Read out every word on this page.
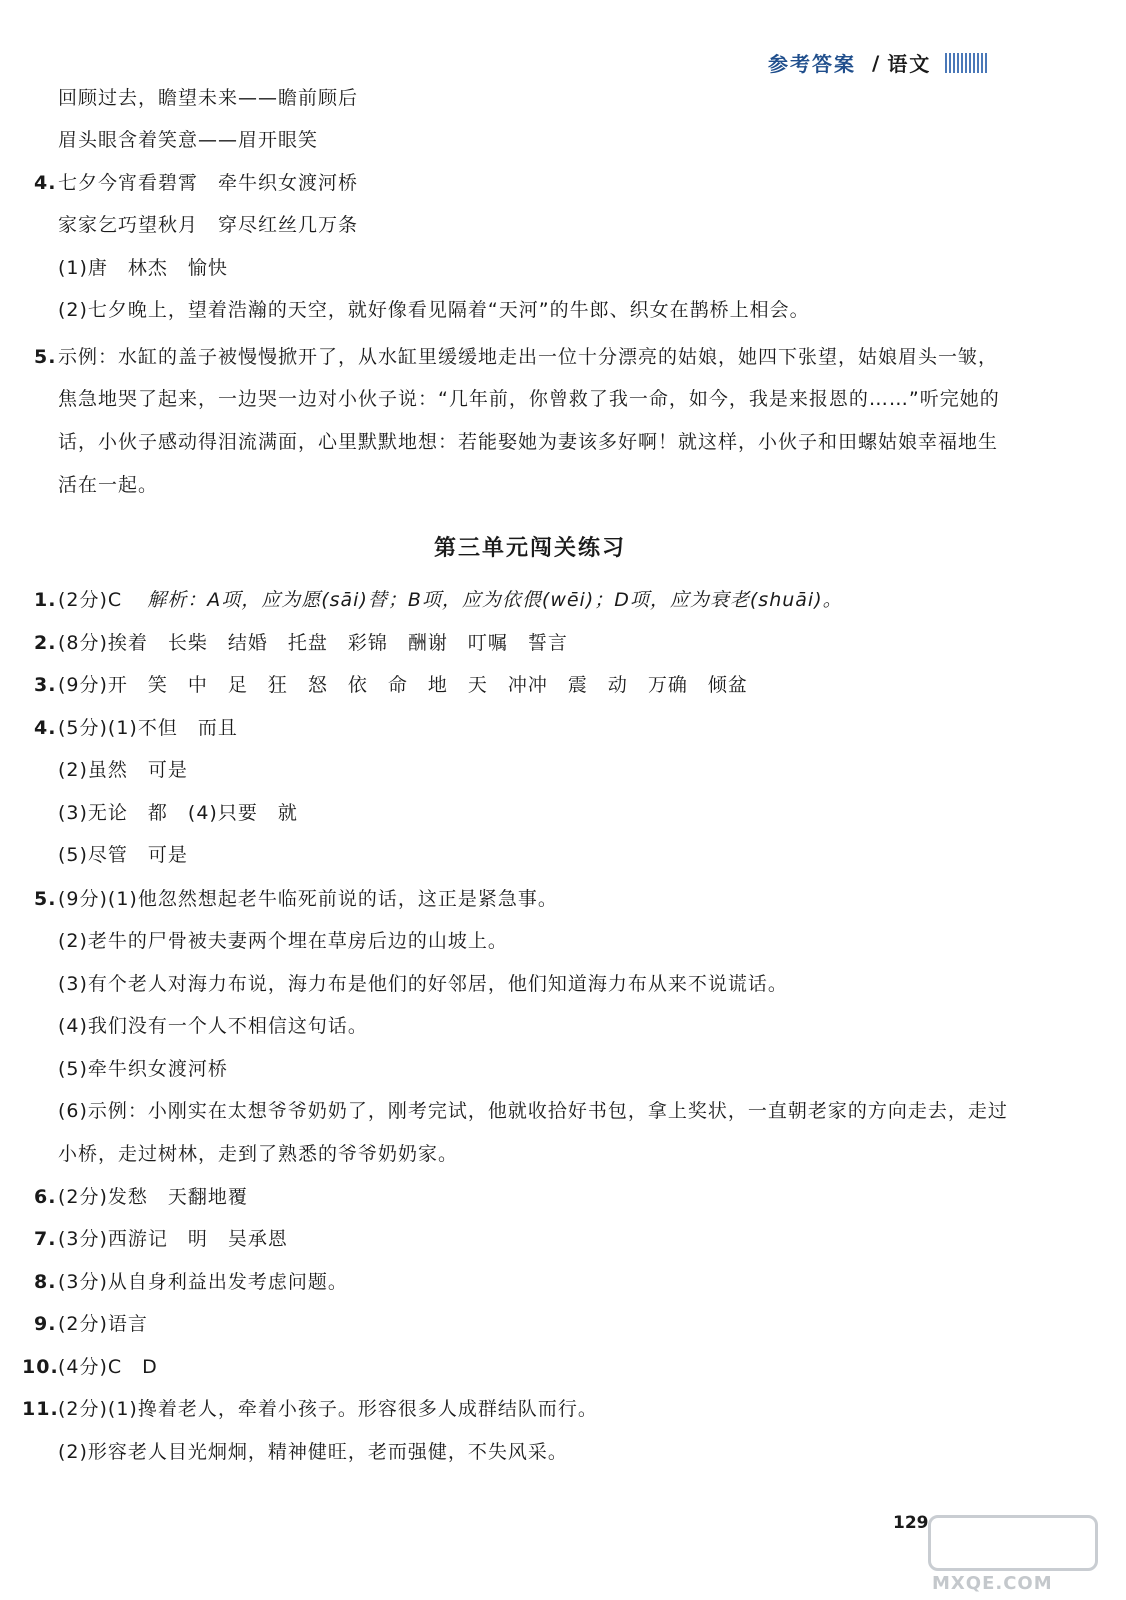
参考答案 / 语文
回顾过去，瞻望未来——瞻前顾后
眉头眼含着笑意——眉开眼笑
4. 七夕今宵看碧霄　牵牛织女渡河桥
家家乞巧望秋月　穿尽红丝几万条
(1)唐　林杰　愉快
(2)七夕晚上，望着浩瀚的天空，就好像看见隔着“天河”的牛郎、织女在鹊桥上相会。
5. 示例：水缸的盖子被慢慢掀开了，从水缸里缓缓地走出一位十分漂亮的姑娘，她四下张望，姑娘眉头一皱，
焦急地哭了起来，一边哭一边对小伙子说：“几年前，你曾救了我一命，如今，我是来报恩的……”听完她的
话，小伙子感动得泪流满面，心里默默地想：若能娶她为妻该多好啊！就这样，小伙子和田螺姑娘幸福地生
活在一起。
第三单元闯关练习
1. (2分)C 解析：A项，应为愿(sāi)替；B项，应为依偎(wēi)；D项，应为衰老(shuāi)。
2. (8分)挨着　长柴　结婚　托盘　彩锦　酬谢　叮嘱　誓言
3. (9分)开　笑　中　足　狂　怒　依　命　地　天　冲冲　震　动　万确　倾盆
4. (5分)(1)不但　而且
(2)虽然　可是
(3)无论　都　(4)只要　就
(5)尽管　可是
5. (9分)(1)他忽然想起老牛临死前说的话，这正是紧急事。
(2)老牛的尸骨被夫妻两个埋在草房后边的山坡上。
(3)有个老人对海力布说，海力布是他们的好邻居，他们知道海力布从来不说谎话。
(4)我们没有一个人不相信这句话。
(5)牵牛织女渡河桥
(6)示例：小刚实在太想爷爷奶奶了，刚考完试，他就收拾好书包，拿上奖状，一直朝老家的方向走去，走过
小桥，走过树林，走到了熟悉的爷爷奶奶家。
6. (2分)发愁　天翻地覆
7. (3分)西游记　明　吴承恩
8. (3分)从自身利益出发考虑问题。
9. (2分)语言
10. (4分)C　D
11. (2分)(1)搀着老人，牵着小孩子。形容很多人成群结队而行。
(2)形容老人目光炯炯，精神健旺，老而强健，不失风采。
129
MXQE.COM
